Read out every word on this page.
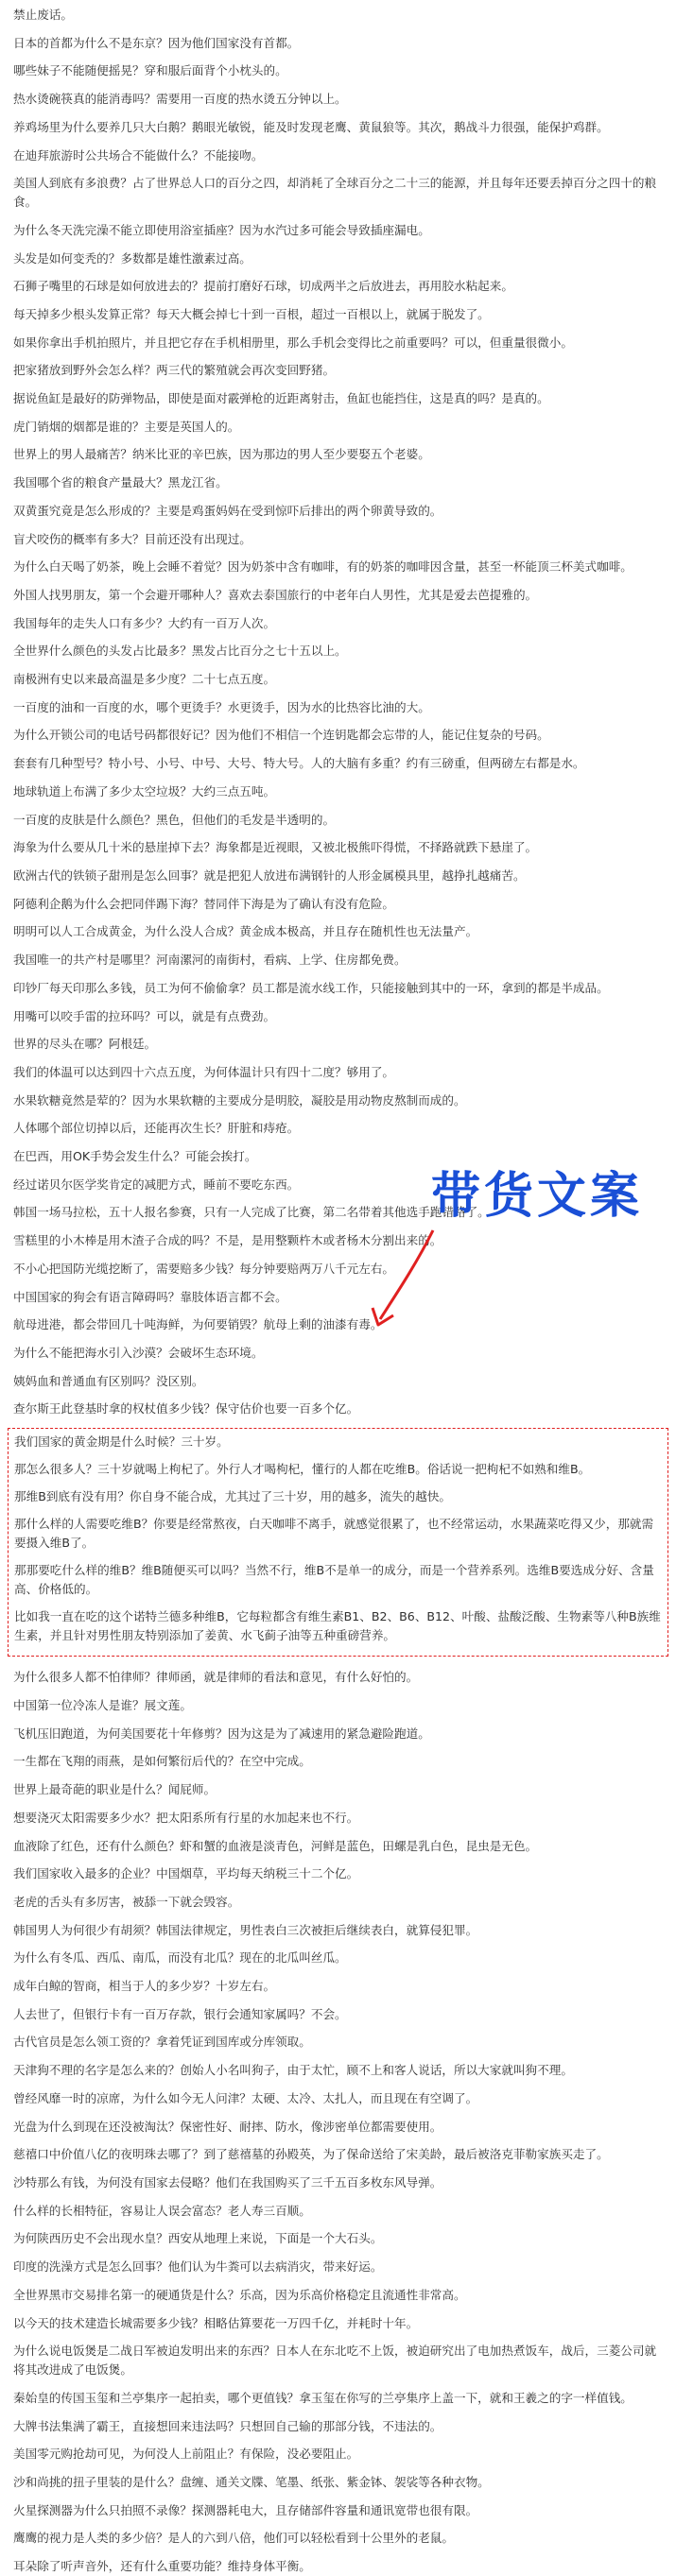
禁止废话。

日本的首都为什么不是东京？因为他们国家没有首都。

哪些妹子不能随便摇晃？穿和服后面背个小枕头的。

热水烫碗筷真的能消毒吗？需要用一百度的热水烫五分钟以上。

养鸡场里为什么要养几只大白鹅？鹅眼光敏锐，能及时发现老鹰、黄鼠狼等。其次，鹅战斗力很强，能保护鸡群。

在迪拜旅游时公共场合不能做什么？不能接吻。

美国人到底有多浪费？占了世界总人口的百分之四，却消耗了全球百分之二十三的能源，并且每年还要丢掉百分之四十的粮食。

为什么冬天洗完澡不能立即使用浴室插座？因为水汽过多可能会导致插座漏电。

头发是如何变秃的？多数都是雄性激素过高。

石狮子嘴里的石球是如何放进去的？提前打磨好石球，切成两半之后放进去，再用胶水粘起来。

每天掉多少根头发算正常？每天大概会掉七十到一百根，超过一百根以上，就属于脱发了。

如果你拿出手机拍照片，并且把它存在手机相册里，那么手机会变得比之前重要吗？可以，但重量很微小。

把家猪放到野外会怎么样？两三代的繁殖就会再次变回野猪。

据说鱼缸是最好的防弹物品，即使是面对霰弹枪的近距离射击，鱼缸也能挡住，这是真的吗？是真的。

虎门销烟的烟都是谁的？主要是英国人的。

世界上的男人最痛苦？纳米比亚的辛巴族，因为那边的男人至少要娶五个老婆。

我国哪个省的粮食产量最大？黑龙江省。

双黄蛋究竟是怎么形成的？主要是鸡蛋妈妈在受到惊吓后排出的两个卵黄导致的。

盲犬咬伤的概率有多大？目前还没有出现过。

为什么白天喝了奶茶，晚上会睡不着觉？因为奶茶中含有咖啡，有的奶茶的咖啡因含量，甚至一杯能顶三杯美式咖啡。

外国人找男朋友，第一个会避开哪种人？喜欢去泰国旅行的中老年白人男性，尤其是爱去芭提雅的。

我国每年的走失人口有多少？大约有一百万人次。

全世界什么颜色的头发占比最多？黑发占比百分之七十五以上。

南极洲有史以来最高温是多少度？二十七点五度。

一百度的油和一百度的水，哪个更烫手？水更烫手，因为水的比热容比油的大。

为什么开锁公司的电话号码都很好记？因为他们不相信一个连钥匙都会忘带的人，能记住复杂的号码。

套套有几种型号？特小号、小号、中号、大号、特大号。人的大脑有多重？约有三磅重，但两磅左右都是水。

地球轨道上布满了多少太空垃圾？大约三点五吨。

一百度的皮肤是什么颜色？黑色，但他们的毛发是半透明的。

海象为什么要从几十米的悬崖掉下去？海象都是近视眼，又被北极熊吓得慌，不择路就跌下悬崖了。

欧洲古代的铁锁子甜刑是怎么回事？就是把犯人放进布满钢针的人形金属模具里，越挣扎越痛苦。

阿德利企鹅为什么会把同伴踢下海？替同伴下海是为了确认有没有危险。

明明可以人工合成黄金，为什么没人合成？黄金成本极高，并且存在随机性也无法量产。

我国唯一的共产村是哪里？河南漯河的南街村，看病、上学、住房都免费。

印钞厂每天印那么多钱，员工为何不偷偷拿？员工都是流水线工作，只能接触到其中的一环，拿到的都是半成品。

用嘴可以咬手雷的拉环吗？可以，就是有点费劲。

世界的尽头在哪？阿根廷。

我们的体温可以达到四十六点五度，为何体温计只有四十二度？够用了。

水果软糖竟然是荤的？因为水果软糖的主要成分是明胶，凝胶是用动物皮熬制而成的。

人体哪个部位切掉以后，还能再次生长？肝脏和痔疮。

在巴西，用OK手势会发生什么？可能会挨打。

经过诺贝尔医学奖肯定的减肥方式，睡前不要吃东西。

韩国一场马拉松，五十人报名参赛，只有一人完成了比赛，第二名带着其他选手跑错路了。

雪糕里的小木棒是用木渣子合成的吗？不是，是用整颗杵木或者杨木分割出来的。

不小心把国防光缆挖断了，需要赔多少钱？每分钟要赔两万八千元左右。

中国国家的狗会有语言障碍吗？靠肢体语言都不会。

航母进港，都会带回几十吨海鲜，为何要销毁？航母上剩的油漆有毒。

为什么不能把海水引入沙漠？会破坏生态环境。

姨妈血和普通血有区别吗？没区别。

查尔斯王此登基时拿的权杖值多少钱？保守估价也要一百多个亿。

我们国家的黄金期是什么时候？三十岁。

那怎么很多人？三十岁就喝上枸杞了。外行人才喝枸杞，懂行的人都在吃维B。俗话说一把枸杞不如熟和维B。

那维B到底有没有用？你自身不能合成，尤其过了三十岁，用的越多，流失的越快。

那什么样的人需要吃维B？你要是经常熬夜，白天咖啡不离手，就感觉很累了，也不经常运动，水果蔬菜吃得又少，那就需要摄入维B了。

那那要吃什么样的维B？维B随便买可以吗？当然不行，维B不是单一的成分，而是一个营养系列。选维B要选成分好、含量高、价格低的。

比如我一直在吃的这个诺特兰德多种维B，它每粒都含有维生素B1、B2、B6、B12、叶酸、盐酸泛酸、生物素等八种B族维生素，并且针对男性朋友特别添加了姜黄、水飞蓟子油等五种重磅营养。

为什么很多人都不怕律师？律师函，就是律师的看法和意见，有什么好怕的。

中国第一位冷冻人是谁？展文莲。

飞机压旧跑道，为何美国要花十年修剪？因为这是为了减速用的紧急避险跑道。

一生都在飞翔的雨燕，是如何繁衍后代的？在空中完成。

世界上最奇葩的职业是什么？闻屁师。

想要浇灭太阳需要多少水？把太阳系所有行星的水加起来也不行。

血液除了红色，还有什么颜色？虾和蟹的血液是淡青色，河鲜是蓝色，田螺是乳白色，昆虫是无色。

我们国家收入最多的企业？中国烟草，平均每天纳税三十二个亿。

老虎的舌头有多厉害，被舔一下就会毁容。

韩国男人为何很少有胡须？韩国法律规定，男性表白三次被拒后继续表白，就算侵犯罪。

为什么有冬瓜、西瓜、南瓜，而没有北瓜？现在的北瓜叫丝瓜。

成年白鲸的智商，相当于人的多少岁？十岁左右。

人去世了，但银行卡有一百万存款，银行会通知家属吗？不会。

古代官员是怎么领工资的？拿着凭证到国库或分库领取。

天津狗不理的名字是怎么来的？创始人小名叫狗子，由于太忙，顾不上和客人说话，所以大家就叫狗不理。

曾经风靡一时的凉席，为什么如今无人问津？太硬、太冷、太扎人，而且现在有空调了。

光盘为什么到现在还没被淘汰？保密性好、耐摔、防水，像涉密单位都需要使用。

慈禧口中价值八亿的夜明珠去哪了？到了慈禧墓的孙殿英，为了保命送给了宋美龄，最后被洛克菲勒家族买走了。

沙特那么有钱，为何没有国家去侵略？他们在我国购买了三千五百多枚东风导弹。

什么样的长相特征，容易让人误会富态？老人寿三百顺。

为何陕西历史不会出现水皇？西安从地理上来说，下面是一个大石头。

印度的洗澡方式是怎么回事？他们认为牛粪可以去病消灾，带来好运。

全世界黑市交易排名第一的硬通货是什么？乐高，因为乐高价格稳定且流通性非常高。

以今天的技术建造长城需要多少钱？相略估算要花一万四千亿，并耗时十年。

为什么说电饭煲是二战日军被迫发明出来的东西？日本人在东北吃不上饭，被迫研究出了电加热煮饭车，战后，三菱公司就将其改进成了电饭煲。

秦始皇的传国玉玺和兰亭集序一起拍卖，哪个更值钱？拿玉玺在你写的兰亭集序上盖一下，就和王羲之的字一样值钱。

大牌书法集满了霸王，直接想回来违法吗？只想回自己输的那部分钱，不违法的。

美国零元购抢劫可见，为何没人上前阻止？有保险，没必要阻止。

沙和尚挑的扭子里装的是什么？盘缠、通关文牒、笔墨、纸张、紫金钵、袈裟等各种衣物。

火星探测器为什么只拍照不录像？探测器耗电大，且存储部件容量和通讯宽带也很有限。

鹰鹰的视力是人类的多少倍？是人的六到八倍，他们可以轻松看到十公里外的老鼠。

耳朵除了听声音外，还有什么重要功能？维持身体平衡。

带货文案
